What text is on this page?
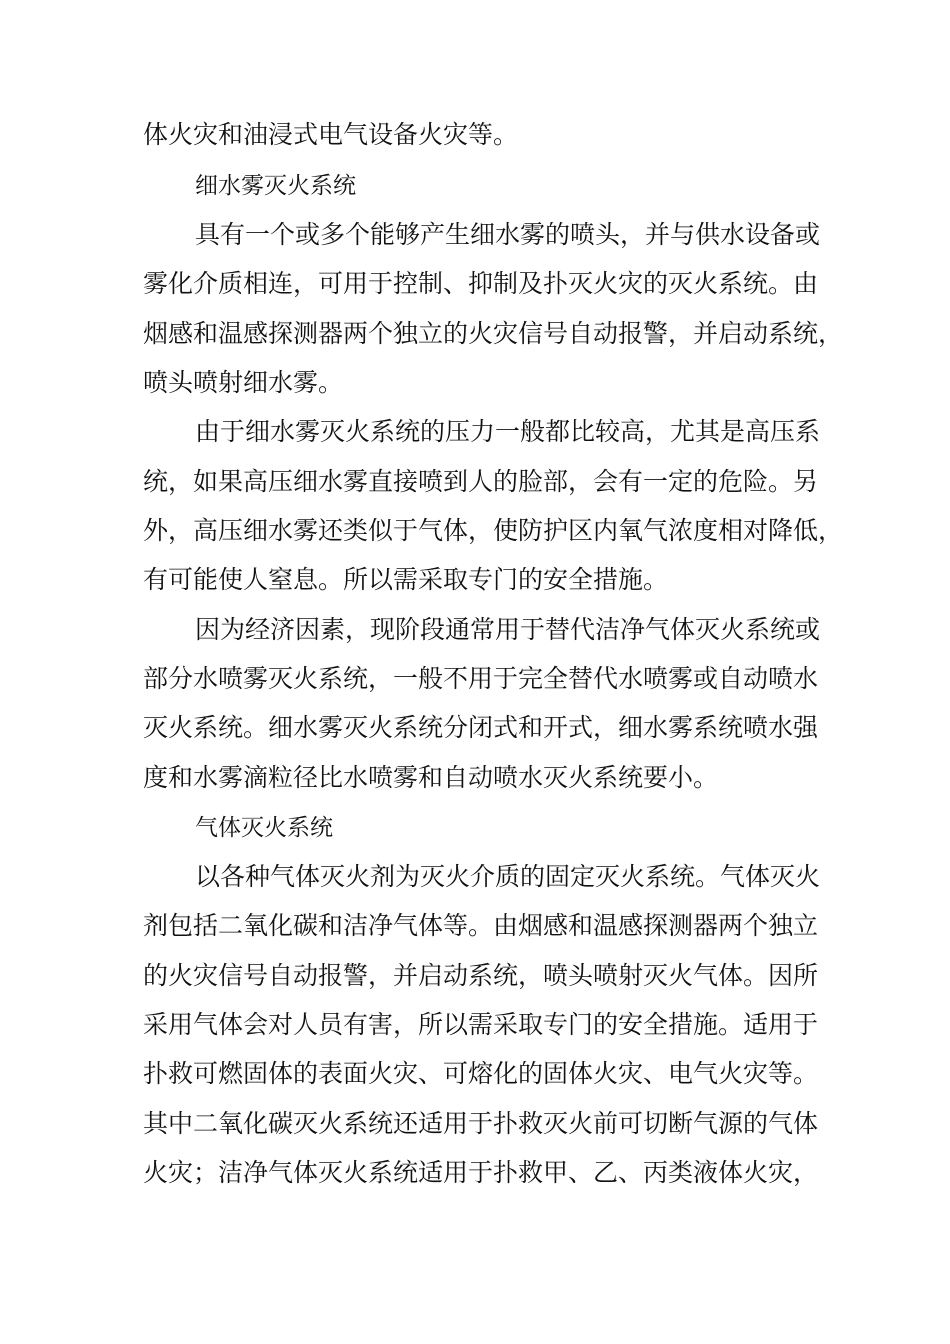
体火灾和油浸式电气设备火灾等。
细水雾灭火系统
具有一个或多个能够产生细水雾的喷头，并与供水设备或
雾化介质相连，可用于控制、抑制及扑灭火灾的灭火系统。由
烟感和温感探测器两个独立的火灾信号自动报警，并启动系统，
喷头喷射细水雾。
由于细水雾灭火系统的压力一般都比较高，尤其是高压系
统，如果高压细水雾直接喷到人的脸部，会有一定的危险。另
外，高压细水雾还类似于气体，使防护区内氧气浓度相对降低，
有可能使人窒息。所以需采取专门的安全措施。
因为经济因素，现阶段通常用于替代洁净气体灭火系统或
部分水喷雾灭火系统，一般不用于完全替代水喷雾或自动喷水
灭火系统。细水雾灭火系统分闭式和开式，细水雾系统喷水强
度和水雾滴粒径比水喷雾和自动喷水灭火系统要小。
气体灭火系统
以各种气体灭火剂为灭火介质的固定灭火系统。气体灭火
剂包括二氧化碳和洁净气体等。由烟感和温感探测器两个独立
的火灾信号自动报警，并启动系统，喷头喷射灭火气体。因所
采用气体会对人员有害，所以需采取专门的安全措施。适用于
扑救可燃固体的表面火灾、可熔化的固体火灾、电气火灾等。
其中二氧化碳灭火系统还适用于扑救灭火前可切断气源的气体
火灾；洁净气体灭火系统适用于扑救甲、乙、丙类液体火灾，
